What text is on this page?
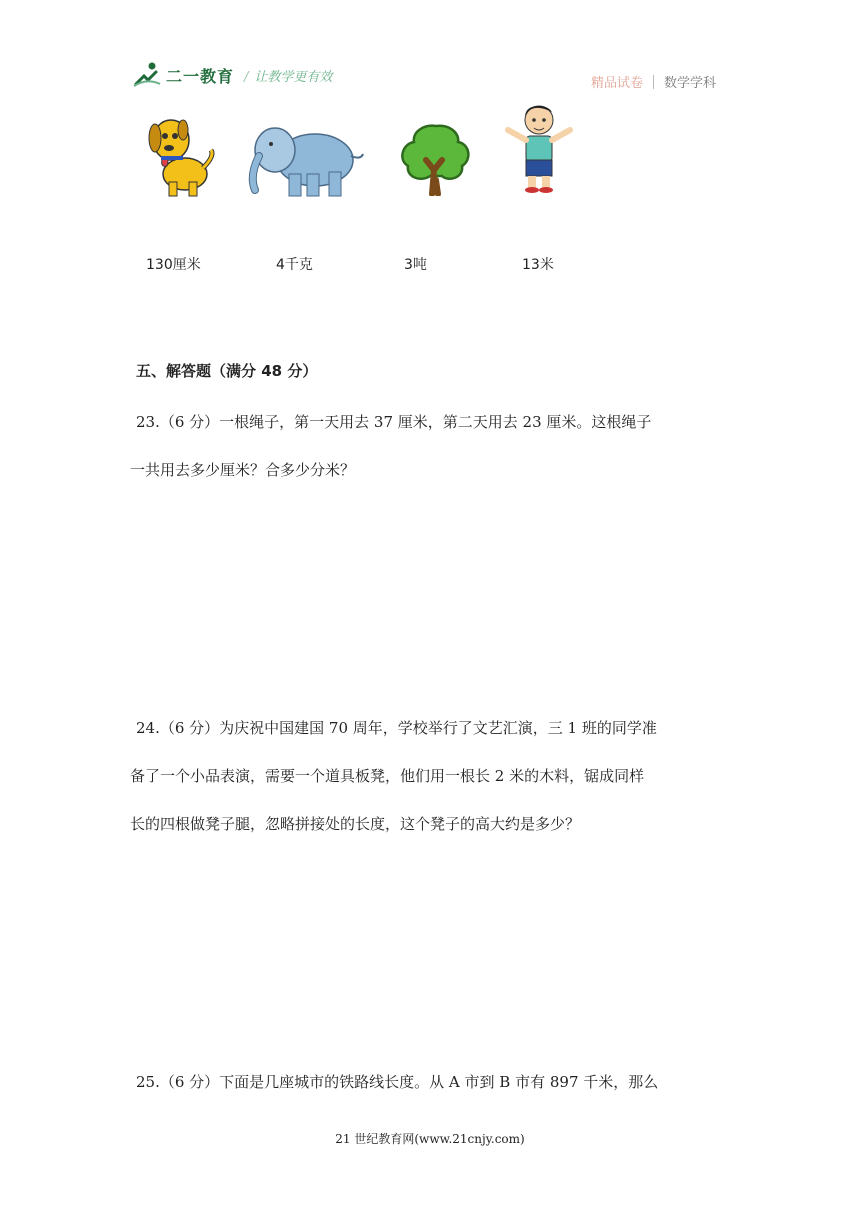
二一教育 / 让教学更有效	精品试卷 数学学科
130厘米	4千克	3吨	13米
五、解答题（满分 48 分）
23.（6 分）一根绳子，第一天用去 37 厘米，第二天用去 23 厘米。这根绳子
一共用去多少厘米？合多少分米？
24.（6 分）为庆祝中国建国 70 周年，学校举行了文艺汇演，三 1 班的同学准
备了一个小品表演，需要一个道具板凳，他们用一根长 2 米的木料，锯成同样
长的四根做凳子腿，忽略拼接处的长度，这个凳子的高大约是多少？
25.（6 分）下面是几座城市的铁路线长度。从 A 市到 B 市有 897 千米，那么
21 世纪教育网(www.21cnjy.com)
